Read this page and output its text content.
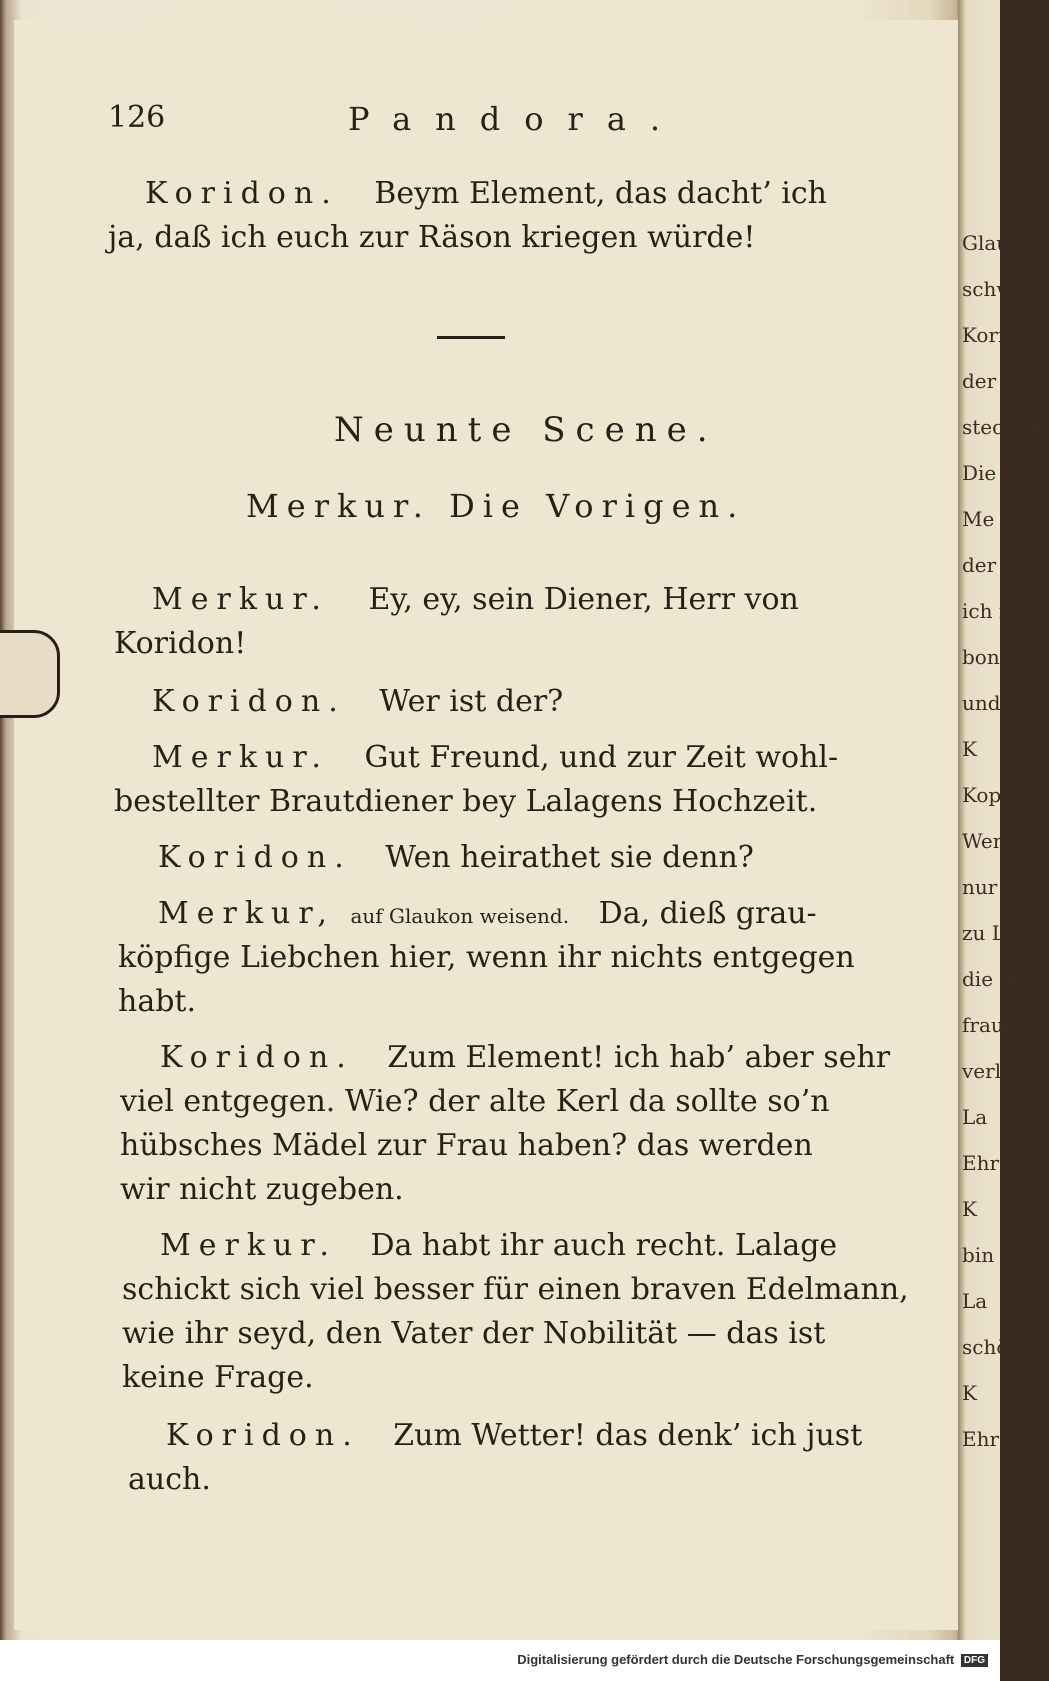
Glauk
schwen,
Kori
der Kerl
steckt ih
Die
Me
der Ab
ich fre
bons
und
K
Kopfe
Wenn
nur be
zu Lalag
die di
frauen
verlier
La
Ehre f
K
bin da
La
schön
K
Ehre
126	Pandora.
Koridon. Beym Element, das dacht’ ich
ja, daß ich euch zur Räson kriegen würde!
Neunte Scene.
Merkur. Die Vorigen.
Merkur. Ey, ey, sein Diener, Herr von
Koridon!
Koridon. Wer ist der?
Merkur. Gut Freund, und zur Zeit wohl-
bestellter Brautdiener bey Lalagens Hochzeit.
Koridon. Wen heirathet sie denn?
Merkur, auf Glaukon weisend. Da, dieß grau-
köpfige Liebchen hier, wenn ihr nichts entgegen
habt.
Koridon. Zum Element! ich hab’ aber sehr
viel entgegen. Wie? der alte Kerl da sollte so’n
hübsches Mädel zur Frau haben? das werden
wir nicht zugeben.
Merkur. Da habt ihr auch recht. Lalage
schickt sich viel besser für einen braven Edelmann,
wie ihr seyd, den Vater der Nobilität — das ist
keine Frage.
Koridon. Zum Wetter! das denk’ ich just
auch.
Digitalisierung gefördert durch die Deutsche Forschungsgemeinschaft DFG
